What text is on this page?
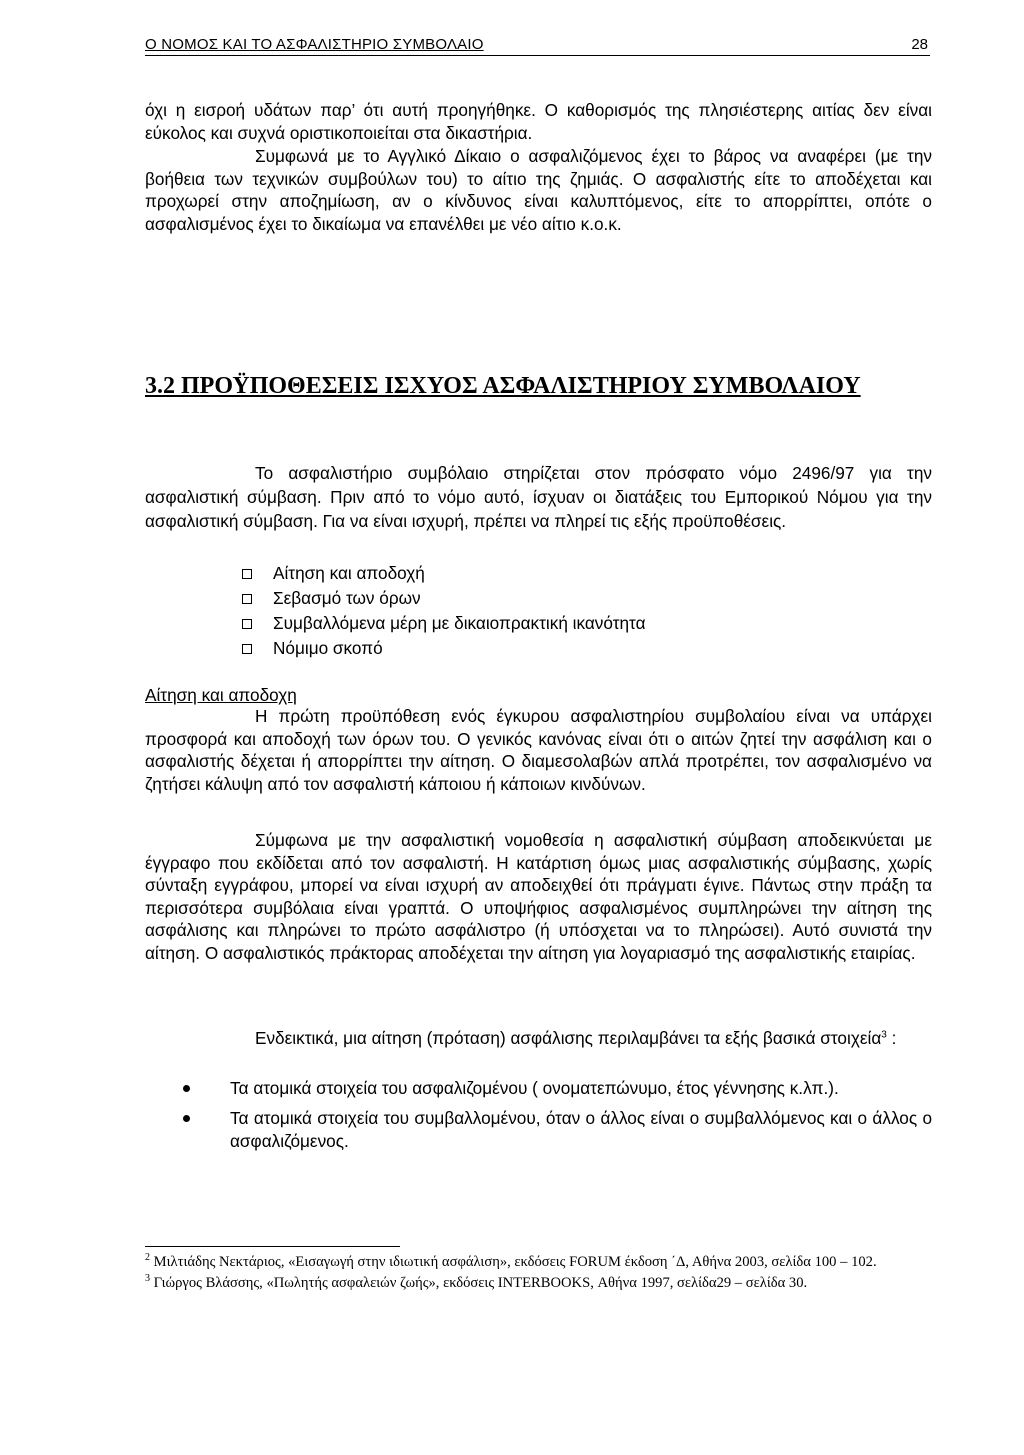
Ο ΝΟΜΟΣ ΚΑΙ ΤΟ ΑΣΦΑΛΙΣΤΗΡΙΟ ΣΥΜΒΟΛΑΙΟ	28
όχι η εισροή υδάτων παρ’ ότι αυτή προηγήθηκε. Ο καθορισμός της πλησιέστερης αιτίας δεν είναι εύκολος και συχνά οριστικοποιείται στα δικαστήρια.
Συμφωνά με το Αγγλικό Δίκαιο ο ασφαλιζόμενος έχει το βάρος να αναφέρει (με την βοήθεια των τεχνικών συμβούλων του) το αίτιο της ζημιάς. Ο ασφαλιστής είτε το αποδέχεται και προχωρεί στην αποζημίωση, αν ο κίνδυνος είναι καλυπτόμενος, είτε το απορρίπτει, οπότε ο ασφαλισμένος έχει το δικαίωμα να επανέλθει με νέο αίτιο κ.ο.κ.
3.2 ΠΡΟΫΠΟΘΕΣΕΙΣ ΙΣΧΥΟΣ ΑΣΦΑΛΙΣΤΗΡΙΟΥ ΣΥΜΒΟΛΑΙΟΥ
Το ασφαλιστήριο συμβόλαιο στηρίζεται στον πρόσφατο νόμο 2496/97 για την ασφαλιστική σύμβαση. Πριν από το νόμο αυτό, ίσχυαν οι διατάξεις του Εμπορικού Νόμου για την ασφαλιστική σύμβαση. Για να είναι ισχυρή, πρέπει να πληρεί τις εξής προϋποθέσεις.
Αίτηση και αποδοχή
Σεβασμό των όρων
Συμβαλλόμενα μέρη με δικαιοπρακτική ικανότητα
Νόμιμο σκοπό
Αίτηση και αποδοχη
Η πρώτη προϋπόθεση ενός έγκυρου ασφαλιστηρίου συμβολαίου είναι να υπάρχει προσφορά και αποδοχή των όρων του. Ο γενικός κανόνας είναι ότι ο αιτών ζητεί την ασφάλιση και ο ασφαλιστής δέχεται ή απορρίπτει την αίτηση. Ο διαμεσολαβών απλά προτρέπει, τον ασφαλισμένο να ζητήσει κάλυψη από τον ασφαλιστή κάποιου ή κάποιων κινδύνων.
Σύμφωνα με την ασφαλιστική νομοθεσία η ασφαλιστική σύμβαση αποδεικνύεται με έγγραφο που εκδίδεται από τον ασφαλιστή. Η κατάρτιση όμως μιας ασφαλιστικής σύμβασης, χωρίς σύνταξη εγγράφου, μπορεί να είναι ισχυρή αν αποδειχθεί ότι πράγματι έγινε. Πάντως στην πράξη τα περισσότερα συμβόλαια είναι γραπτά. Ο υποψήφιος ασφαλισμένος συμπληρώνει την αίτηση της ασφάλισης και πληρώνει το πρώτο ασφάλιστρο (ή υπόσχεται να το πληρώσει). Αυτό συνιστά την αίτηση. Ο ασφαλιστικός πράκτορας αποδέχεται την αίτηση για λογαριασμό της ασφαλιστικής εταιρίας.
Ενδεικτικά, μια αίτηση (πρόταση) ασφάλισης περιλαμβάνει τα εξής βασικά στοιχεία$^3$ :
Τα ατομικά στοιχεία του ασφαλιζομένου ( ονοματεπώνυμο, έτος γέννησης κ.λπ.).
Τα ατομικά στοιχεία του συμβαλλομένου, όταν ο άλλος είναι ο συμβαλλόμενος και ο άλλος ο ασφαλιζόμενος.

$^2$ Μιλτιάδης Νεκτάριος, «Εισαγωγή στην ιδιωτική ασφάλιση», εκδόσεις FORUM έκδοση ΄Δ, Αθήνα 2003, σελίδα 100 – 102.

$^3$ Γιώργος Βλάσσης, «Πωλητής ασφαλειών ζωής», εκδόσεις INTERBOOKS, Αθήνα 1997, σελίδα29 – σελίδα 30.
